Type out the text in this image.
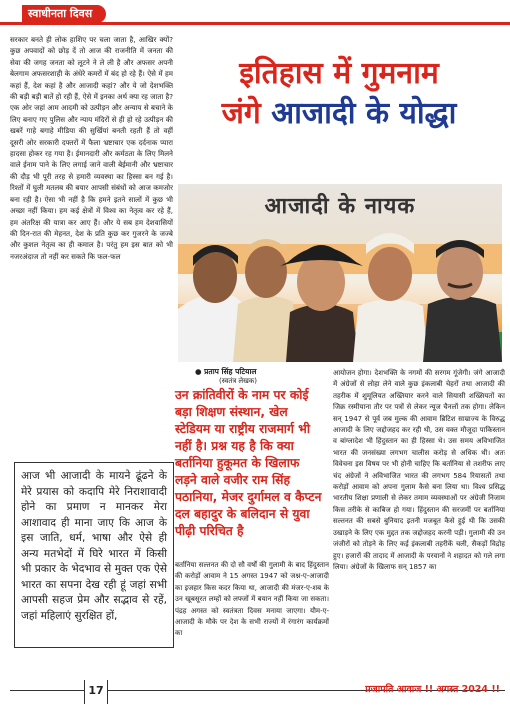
स्वाधीनता दिवस

सरकार बनते ही लोक हाशिए पर चला जाता है, आखिर क्यों? कुछ अपवादों को छोड़ दें तो आज की राजनीति में जनता की सेवा की जगह जनता को लूटने ने ले ली है और अफसर अपनी बेलगाम अफसरशाही के अंधेरे कमरों में बंद हो रहे हैं। ऐसे में हम कहां हैं, देश कहां है और आजादी कहां? और ये जो देशभक्ति की बड़ी बड़ी बातें हो रही हैं, ऐसे में इनका अर्थ क्या रह जाता है? एक ओर जहां आम आदमी को उत्पीड़न और अन्याय से बचाने के लिए बनाए गए पुलिस और न्याय मंदिरों से ही हो रहे उत्पीड़न की खबरें गाहे बगाहे मीडिया की सुर्खियां बनती रहती हैं तो वहीं दूसरी ओर सरकारी दफ्तरों में फैला भ्रष्टाचार एक दर्दनाक प्यारा हादसा होकर रह गया है। ईमानदारी और कर्मठता के लिए मिलने वाले ईनाम पाने के लिए लगाई जाने वाली बेईमानी और भ्रष्टाचार की दौड़ भी पूरी तरह से हमारी व्यवस्था का हिस्सा बन गई है। रिश्तों में घुली मतलब की बयार आपसी संबंधों को आज कमजोर बना रही है। ऐसा भी नहीं है कि हमने इतने सालों में कुछ भी अच्छा नहीं किया। हम कई क्षेत्रों में विश्व का नेतृत्व कर रहे हैं, हम अंतरिक्ष की यात्रा कर आए हैं। और ये सब हम देशवासियों की दिन-रात की मेहनत, देश के प्रति कुछ कर गुजरने के जज्बे और कुशल नेतृत्व का ही कमाल है। परंतु हम इस बात को भी नजरअंदाज तो नहीं कर सकते कि फल-फल

इतिहास में गुमनाम
जंगे आजादी के योद्धा
आजादी के नायक
● प्रताप सिंह पटियाल
(स्वतंत्र लेखक)
उन क्रांतिवीरों के नाम पर कोई बड़ा शिक्षण संस्थान, खेल स्टेडियम या राष्ट्रीय राजमार्ग भी नहीं है। प्रश्न यह है कि क्या बर्तानिया हुकूमत के खिलाफ लड़ने वाले वजीर राम सिंह पठानिया, मेजर दुर्गामल व कैप्टन दल बहादुर के बलिदान से युवा पीढ़ी परिचित है
बर्तानिया सल्तनत की दो सौ वर्षों की गुलामी के बाद हिंदुस्तान की करोड़ों आवाम ने 15 अगस्त 1947 को जश्न-ए-आजादी का इजहार किस कदर किया था, आजादी की मंजर-ए-शब के उन खूबसूरत लम्हों को लफ्जों में बयान नहीं किया जा सकता। पंद्रह अगस्त को स्वतंत्रता दिवस मनाया जाएगा। यौम-ए-आजादी के मौके पर देश के सभी राज्यों में रंगारंग कार्यक्रमों का
आयोजन होगा। देशभक्ति के नगमों की सरगम गूंजेगी। जंगे आजादी में अंग्रेजों से लोहा लेने वाले कुछ इंकलाबी चेहरों तथा आजादी की तहरीक में शुमूलियत अख्तियार करने वाले सियासी शख्सियतों का जिक्र रस्मीयाना तौर पर पत्रों से लेकर न्यूज चैनलों तक होगा। लेकिन सन् 1947 से पूर्व जब मुल्क की आवाम ब्रिटिश साम्राज्य के विरुद्ध आजादी के लिए जद्दोजहद कर रही थी, उस वक्त मौजूदा पाकिस्तान व बांग्लादेश भी हिंदुस्तान का ही हिस्सा थे। उस समय अविभाजित भारत की जनसंख्या लगभग चालीस करोड़ से अधिक थी। अतः विवेचना इस विषय पर भी होनी चाहिए कि बर्तानिया से तशरीफ लाए चंद अंग्रेजों ने अविभाजित भारत की लगभग 584 रियासतों तथा करोड़ों आवाम को अपना गुलाम कैसे बना लिया था। विश्व प्रसिद्ध भारतीय शिक्षा प्रणाली से लेकर तमाम व्यवस्थाओं पर अंग्रेजी निजाम किस तरीके से काबिज हो गया। हिंदुस्तान की सरजमीं पर बर्तानिया सल्तनत की सबसे बुनियाद इतनी मजबूत कैसे हुई थी कि उसकी उखाड़ने के लिए एक मुद्दत तक जद्दोजहद करनी पड़ी। गुलामी की उन जंजीरों को तोड़ने के लिए कई इंकलाबी तहरीकें चली, सैकड़ों विद्रोह हुए। हजारों की तादाद में आजादी के परवानों ने शहादत को गले लगा लिया। अंग्रेजों के खिलाफ सन् 1857 का
आज भी आजादी के मायने ढूंढने के मेरे प्रयास को कदापि मेरे निराशावादी होने का प्रमाण न मानकर मेरा आशावाद ही माना जाए कि आज के इस जाति, धर्म, भाषा और ऐसे ही अन्य मतभेदों में घिरे भारत में किसी भी प्रकार के भेदभाव से मुक्त एक ऐसे भारत का सपना देख रही हूं जहां सभी आपसी सहज प्रेम और सद्भाव से रहें, जहां महिलाएं सुरक्षित हों,
17	प्रजापति आवाज !! अगस्त 2024 !!
